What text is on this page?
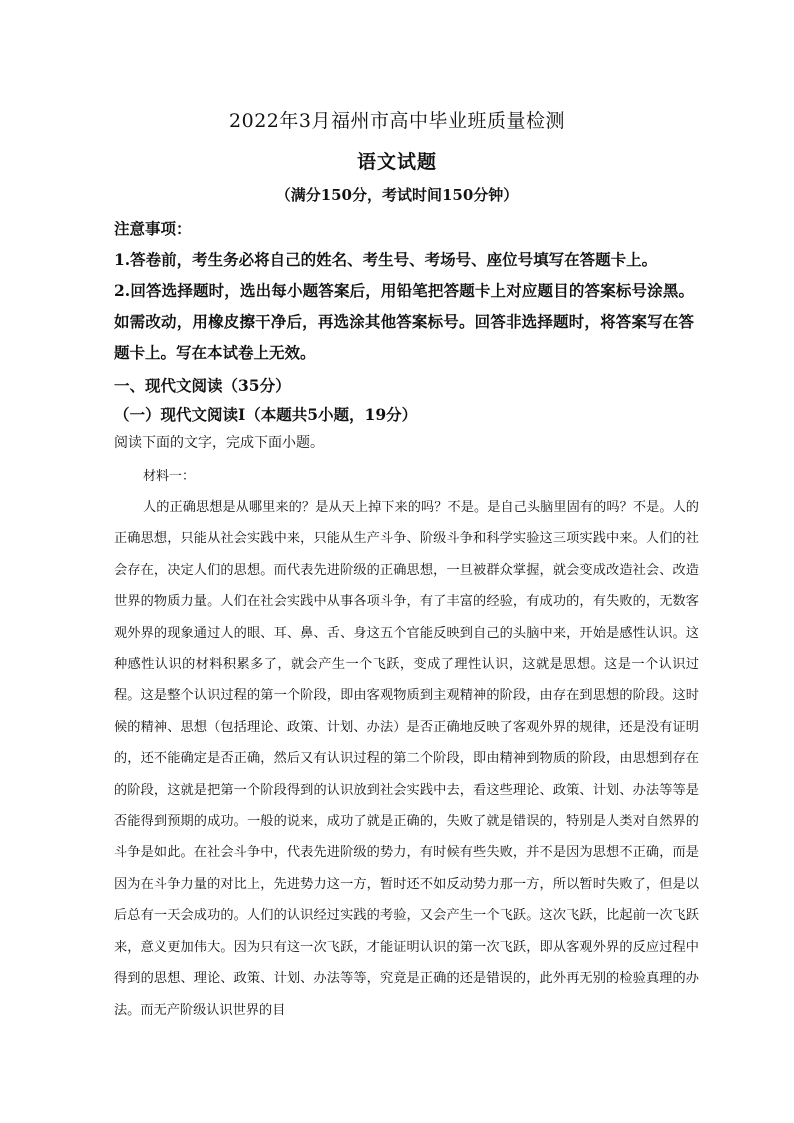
2022年3月福州市高中毕业班质量检测
语文试题
（满分150分，考试时间150分钟）
注意事项：
1.答卷前，考生务必将自己的姓名、考生号、考场号、座位号填写在答题卡上。
2.回答选择题时，选出每小题答案后，用铅笔把答题卡上对应题目的答案标号涂黑。如需改动，用橡皮擦干净后，再选涂其他答案标号。回答非选择题时，将答案写在答题卡上。写在本试卷上无效。
一、现代文阅读（35分）
（一）现代文阅读Ⅰ（本题共5小题，19分）
阅读下面的文字，完成下面小题。
材料一：
人的正确思想是从哪里来的？是从天上掉下来的吗？不是。是自己头脑里固有的吗？不是。人的正确思想，只能从社会实践中来，只能从生产斗争、阶级斗争和科学实验这三项实践中来。人们的社会存在，决定人们的思想。而代表先进阶级的正确思想，一旦被群众掌握，就会变成改造社会、改造世界的物质力量。人们在社会实践中从事各项斗争，有了丰富的经验，有成功的，有失败的，无数客观外界的现象通过人的眼、耳、鼻、舌、身这五个官能反映到自己的头脑中来，开始是感性认识。这种感性认识的材料积累多了，就会产生一个飞跃，变成了理性认识，这就是思想。这是一个认识过程。这是整个认识过程的第一个阶段，即由客观物质到主观精神的阶段，由存在到思想的阶段。这时候的精神、思想（包括理论、政策、计划、办法）是否正确地反映了客观外界的规律，还是没有证明的，还不能确定是否正确，然后又有认识过程的第二个阶段，即由精神到物质的阶段，由思想到存在的阶段，这就是把第一个阶段得到的认识放到社会实践中去，看这些理论、政策、计划、办法等等是否能得到预期的成功。一般的说来，成功了就是正确的，失败了就是错误的，特别是人类对自然界的斗争是如此。在社会斗争中，代表先进阶级的势力，有时候有些失败，并不是因为思想不正确，而是因为在斗争力量的对比上，先进势力这一方，暂时还不如反动势力那一方，所以暂时失败了，但是以后总有一天会成功的。人们的认识经过实践的考验，又会产生一个飞跃。这次飞跃，比起前一次飞跃来，意义更加伟大。因为只有这一次飞跃，才能证明认识的第一次飞跃，即从客观外界的反应过程中得到的思想、理论、政策、计划、办法等等，究竟是正确的还是错误的，此外再无别的检验真理的办法。而无产阶级认识世界的目
